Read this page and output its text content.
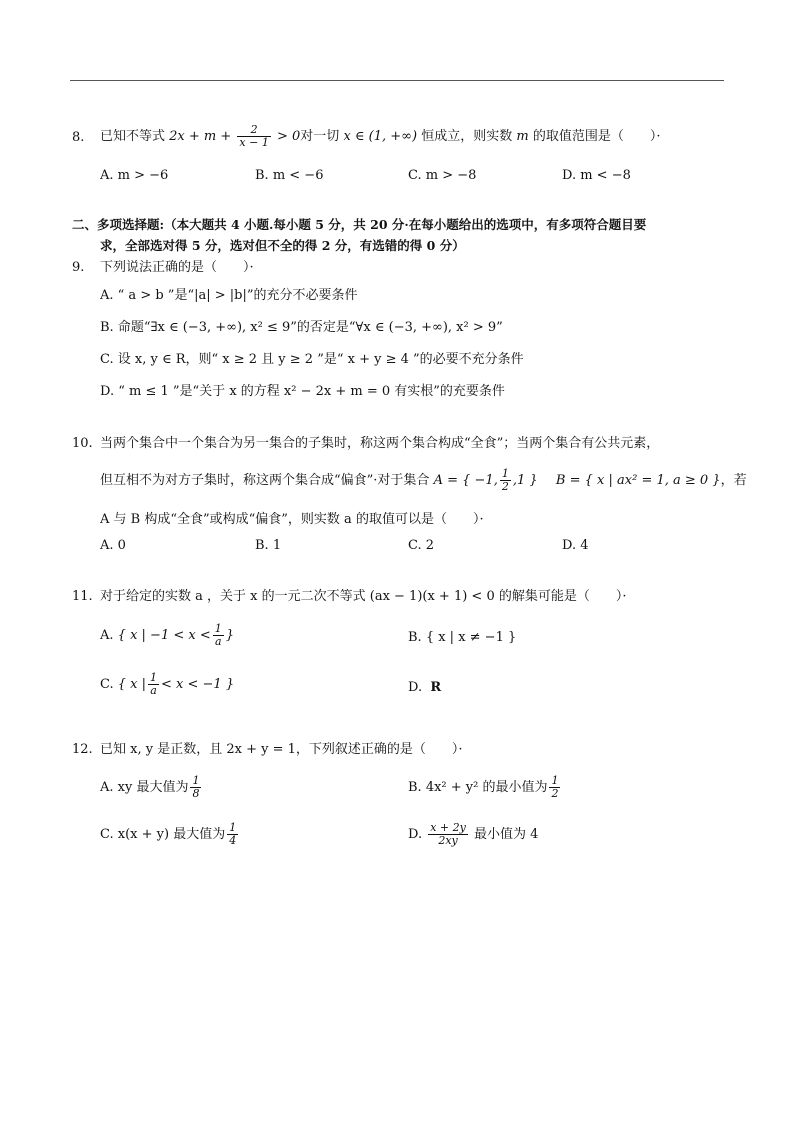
8. 已知不等式 $2x + m + \frac{2}{x - 1} > 0$对一切 x ∈ (1, +∞) 恒成立，则实数 m 的取值范围是（　　）·
A. m > −6	B. m < −6	C. m > −8	D. m < −8
二、多项选择题:（本大题共 4 小题.每小题 5 分，共 20 分·在每小题给出的选项中，有多项符合题目要
求，全部选对得 5 分，选对但不全的得 2 分，有选错的得 0 分）
9. 下列说法正确的是（　　）·
A. “ a > b ”是“|a| > |b|”的充分不必要条件
B. 命题“∃x ∈ (−3, +∞), x² ≤ 9”的否定是“∀x ∈ (−3, +∞), x² > 9”
C. 设 x, y ∈ R，则“ x ≥ 2 且 y ≥ 2 ”是“ x + y ≥ 4 ”的必要不充分条件
D. “ m ≤ 1 ”是“关于 x 的方程 x² − 2x + m = 0 有实根”的充要条件
10. 当两个集合中一个集合为另一集合的子集时，称这两个集合构成“全食”；当两个集合有公共元素，
但互相不为对方子集时，称这两个集合成“偏食”·对于集合 A = { −1, $\frac{1}{2} ,1$ } B = { x | ax² = 1, a ≥ 0 }，若
A 与 B 构成“全食”或构成“偏食”，则实数 a 的取值可以是（　　）·
A. 0	B. 1	C. 2	D. 4
11. 对于给定的实数 a ，关于 x 的一元二次不等式 (ax − 1)(x + 1) < 0 的解集可能是（　　）·
A. { x | $-1 < x < \frac{1}{a}$ }	B. { x | x ≠ −1 }
C. { x | $\frac{1}{a} < x < -1$ }	D. R
12. 已知 x, y 是正数，且 2x + y = 1，下列叙述正确的是（　　）·
A. xy 最大值为 $\frac{1}{8}$	B. 4x² + y² 的最小值为 $\frac{1}{2}$
C. x(x + y) 最大值为 $\frac{1}{4}$	D. $\frac{x + 2y}{2xy}$ 最小值为 4
